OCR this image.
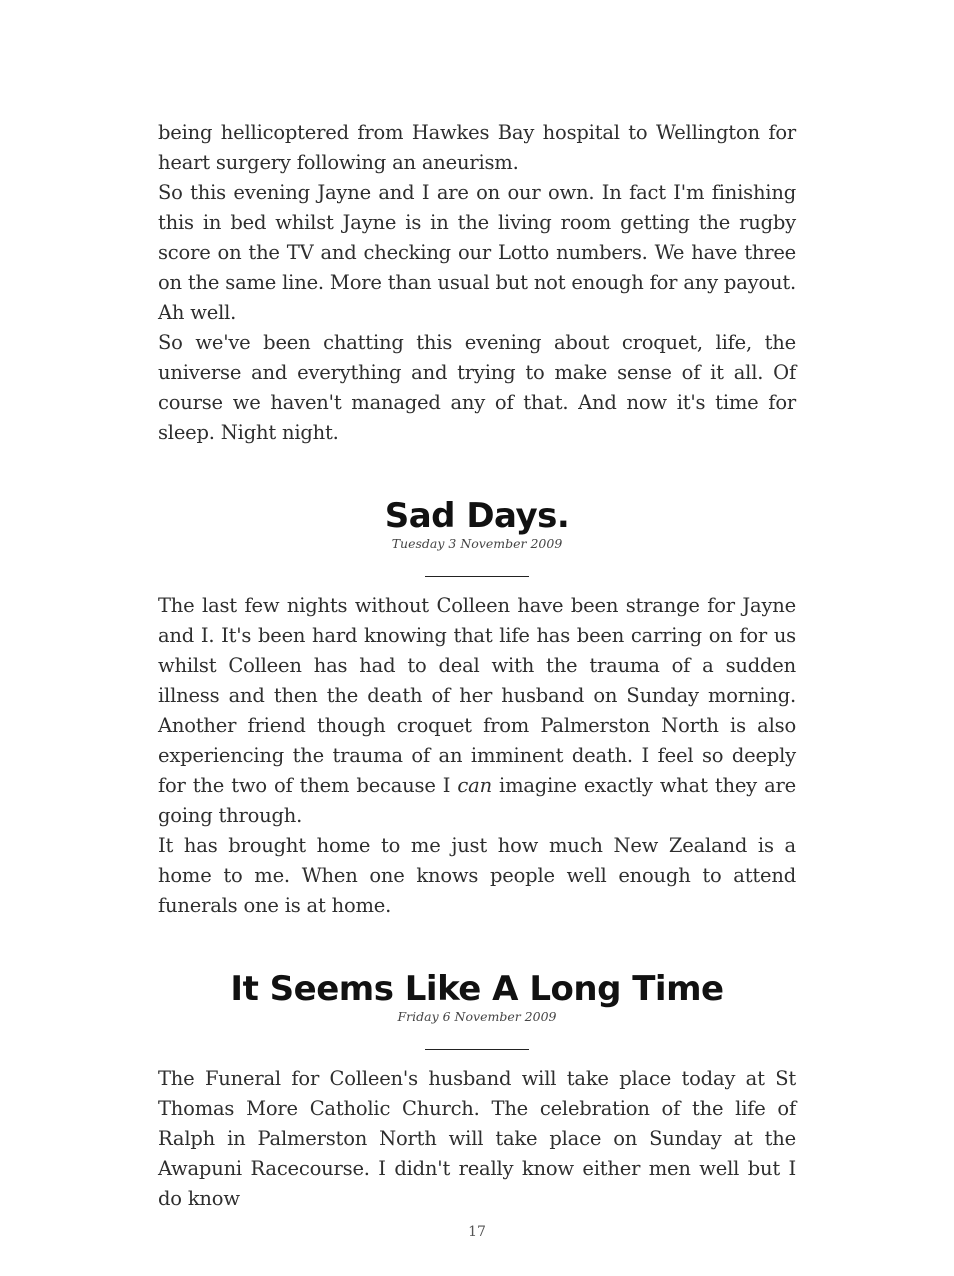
being hellicoptered from Hawkes Bay hospital to Wellington for heart surgery following an aneurism.

So this evening Jayne and I are on our own. In fact I'm finishing this in bed whilst Jayne is in the living room getting the rugby score on the TV and checking our Lotto numbers. We have three on the same line. More than usual but not enough for any payout. Ah well.

So we've been chatting this evening about croquet, life, the universe and everything and trying to make sense of it all. Of course we haven't managed any of that. And now it's time for sleep. Night night.

Sad Days.

Tuesday 3 November 2009

The last few nights without Colleen have been strange for Jayne and I. It's been hard knowing that life has been carring on for us whilst Colleen has had to deal with the trauma of a sudden illness and then the death of her husband on Sunday morning. Another friend though croquet from Palmerston North is also experiencing the trauma of an imminent death. I feel so deeply for the two of them because I can imagine exactly what they are going through.

It has brought home to me just how much New Zealand is a home to me. When one knows people well enough to attend funerals one is at home.

It Seems Like A Long Time

Friday 6 November 2009

The Funeral for Colleen's husband will take place today at St Thomas More Catholic Church. The celebration of the life of Ralph in Palmerston North will take place on Sunday at the Awapuni Racecourse. I didn't really know either men well but I do know

17
